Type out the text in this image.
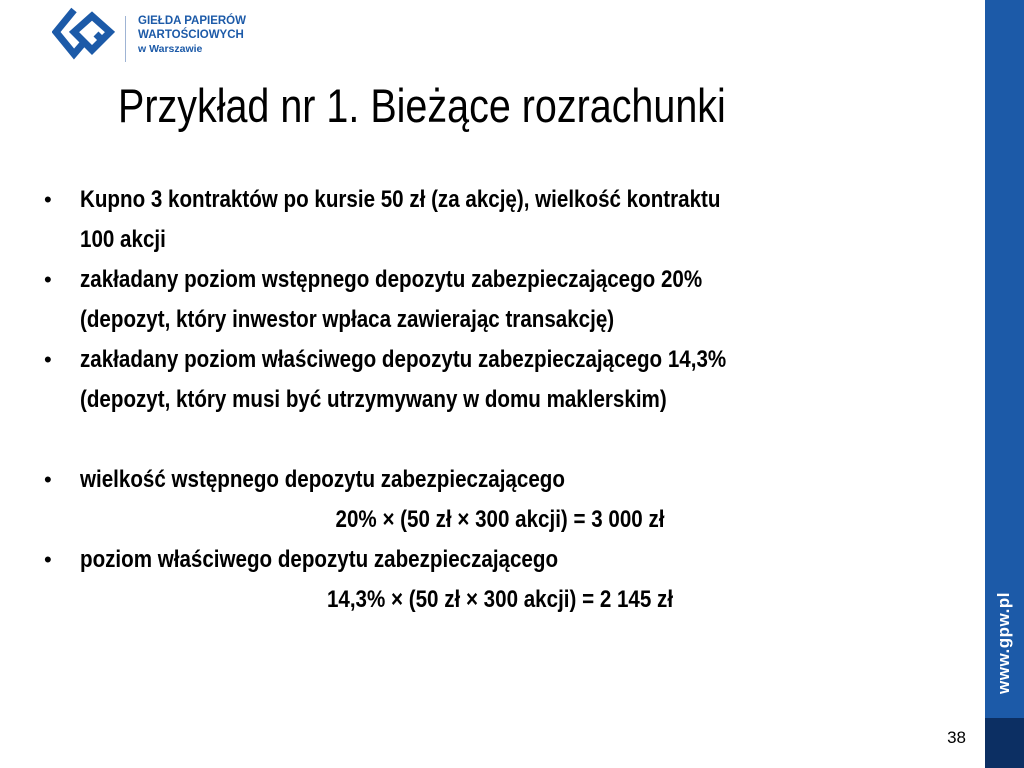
www.gpw.pl
GIEŁDA PAPIERÓW
WARTOŚCIOWYCH
w Warszawie
Przykład nr 1. Bieżące rozrachunki
• Kupno 3 kontraktów po kursie 50 zł (za akcję), wielkość kontraktu
100 akcji
• zakładany poziom wstępnego depozytu zabezpieczającego 20%
(depozyt, który inwestor wpłaca zawierając transakcję)
• zakładany poziom właściwego depozytu zabezpieczającego 14,3%
(depozyt, który musi być utrzymywany w domu maklerskim)
• wielkość wstępnego depozytu zabezpieczającego
20% × (50 zł × 300 akcji) = 3 000 zł
• poziom właściwego depozytu zabezpieczającego
14,3% × (50 zł × 300 akcji) = 2 145 zł
38
